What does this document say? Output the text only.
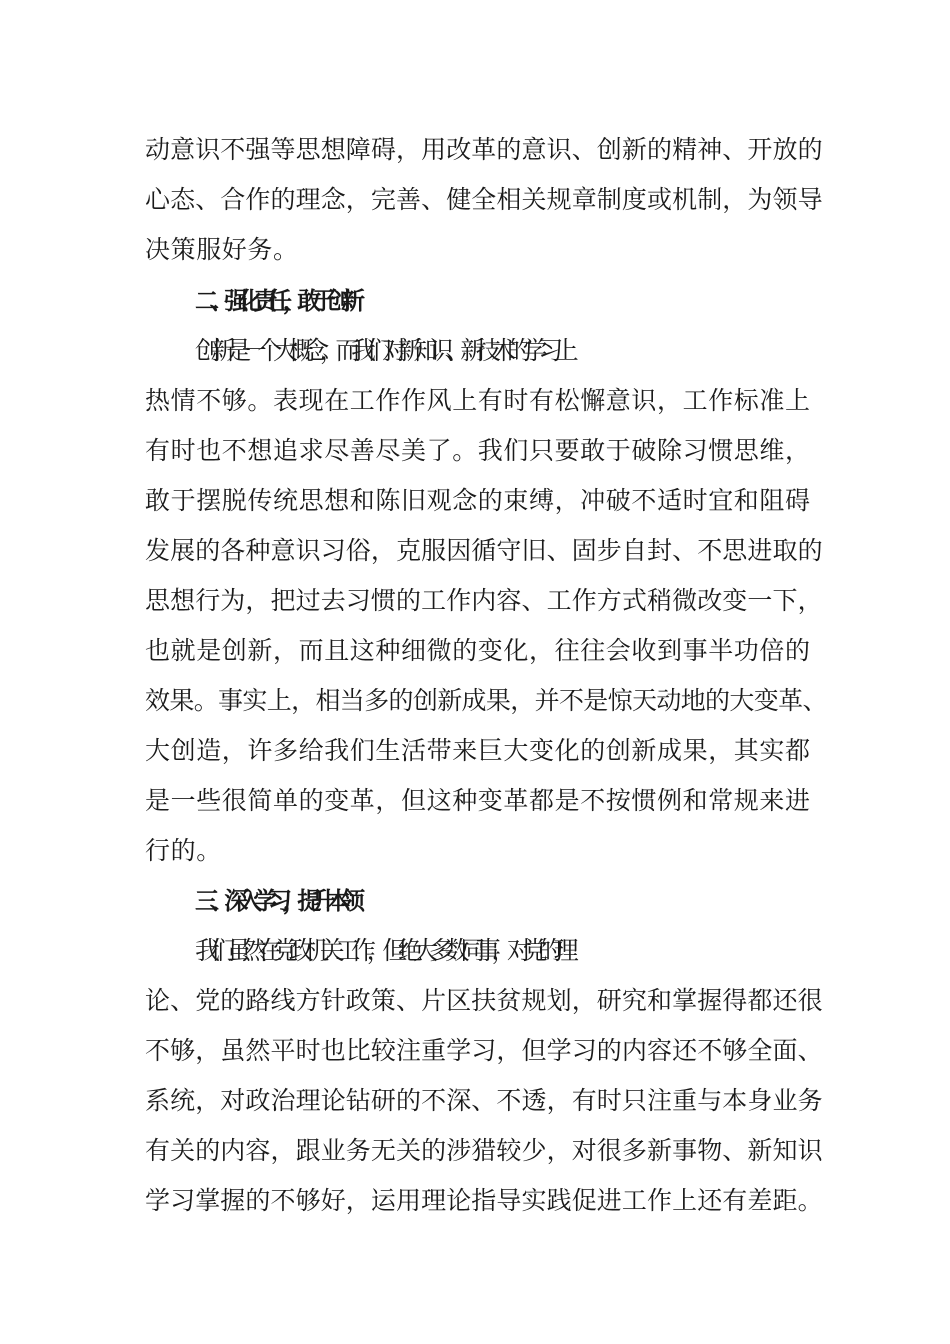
动意识不强等思想障碍，用改革的意识、创新的精神、开放的
心态、合作的理念，完善、健全相关规章制度或机制，为领导
决策服好务。
二、强化责任，敢于创新
创新是一个大概念，而我们对新知识、新技术的学习上
热情不够。表现在工作作风上有时有松懈意识，工作标准上
有时也不想追求尽善尽美了。我们只要敢于破除习惯思维，
敢于摆脱传统思想和陈旧观念的束缚，冲破不适时宜和阻碍
发展的各种意识习俗，克服因循守旧、固步自封、不思进取的
思想行为，把过去习惯的工作内容、工作方式稍微改变一下，
也就是创新，而且这种细微的变化，往往会收到事半功倍的
效果。事实上，相当多的创新成果，并不是惊天动地的大变革、
大创造，许多给我们生活带来巨大变化的创新成果，其实都
是一些很简单的变革，但这种变革都是不按惯例和常规来进
行的。
三、深入学习，提升本领
我们虽然在党政机关工作，但绝大多数同事，对党的理
论、党的路线方针政策、片区扶贫规划，研究和掌握得都还很
不够，虽然平时也比较注重学习，但学习的内容还不够全面、
系统，对政治理论钻研的不深、不透，有时只注重与本身业务
有关的内容，跟业务无关的涉猎较少，对很多新事物、新知识
学习掌握的不够好，运用理论指导实践促进工作上还有差距。
